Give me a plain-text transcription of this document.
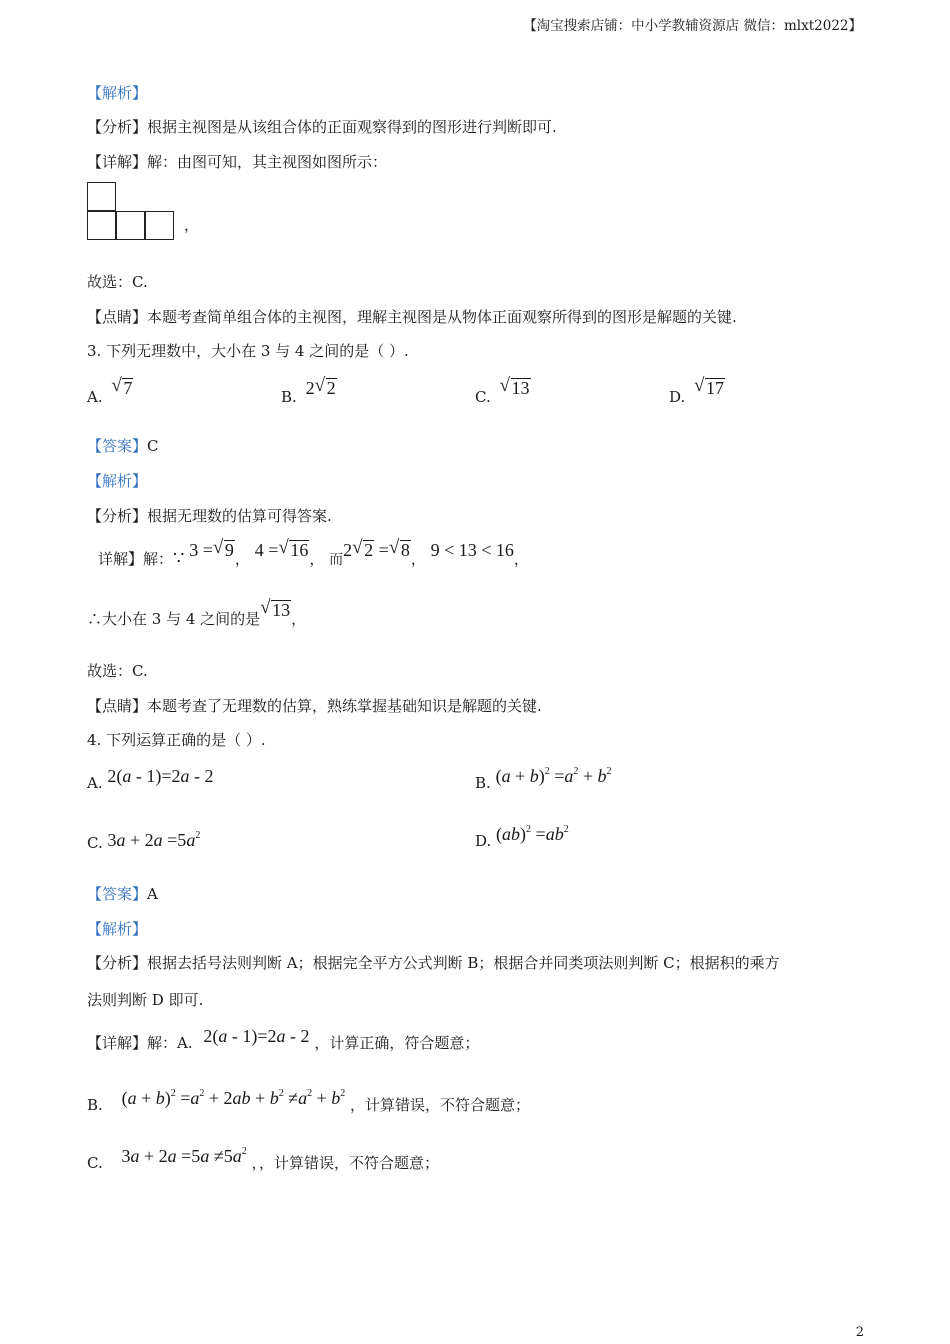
【淘宝搜索店铺：中小学教辅资源店 微信：mlxt2022】
【解析】
【分析】根据主视图是从该组合体的正面观察得到的图形进行判断即可.
【详解】解：由图可知，其主视图如图所示：
，
故选：C.
【点睛】本题考查简单组合体的主视图，理解主视图是从物体正面观察所得到的图形是解题的关键.
3. 下列无理数中，大小在 3 与 4 之间的是（ ）.
A.
√ 7	B. 2 √ 2	C.
√ 13	D.
√ 17
【答案】C
【解析】
【分析】根据无理数的估算可得答案.
详解】解：∵ 3 = √ 9， 4 = √ 16， 而2 √ 2 = √ 8， 9 < 13 < 16，
∴大小在 3 与 4 之间的是
√ 13，
故选：C.
【点睛】本题考查了无理数的估算，熟练掌握基础知识是解题的关键.
4. 下列运算正确的是（ ）.
A. 2(a - 1)=2a - 2	B. $(a + b)^2 =a^2 + b^2$
C. $3a + 2a =5a^2$	D. $(ab)^2 =ab^2$
【答案】A
【解析】
【分析】根据去括号法则判断 A；根据完全平方公式判断 B；根据合并同类项法则判断 C；根据积的乘方
法则判断 D 即可.
【详解】解：A. 2(a - 1)=2a - 2 ，计算正确，符合题意；
B. $(a + b)^2 =a^2 + 2ab + b^2 \ne a^2 + b^2$ ，计算错误，不符合题意；
C. $3a + 2a =5a \ne 5a^2$ ，，计算错误，不符合题意；
2
